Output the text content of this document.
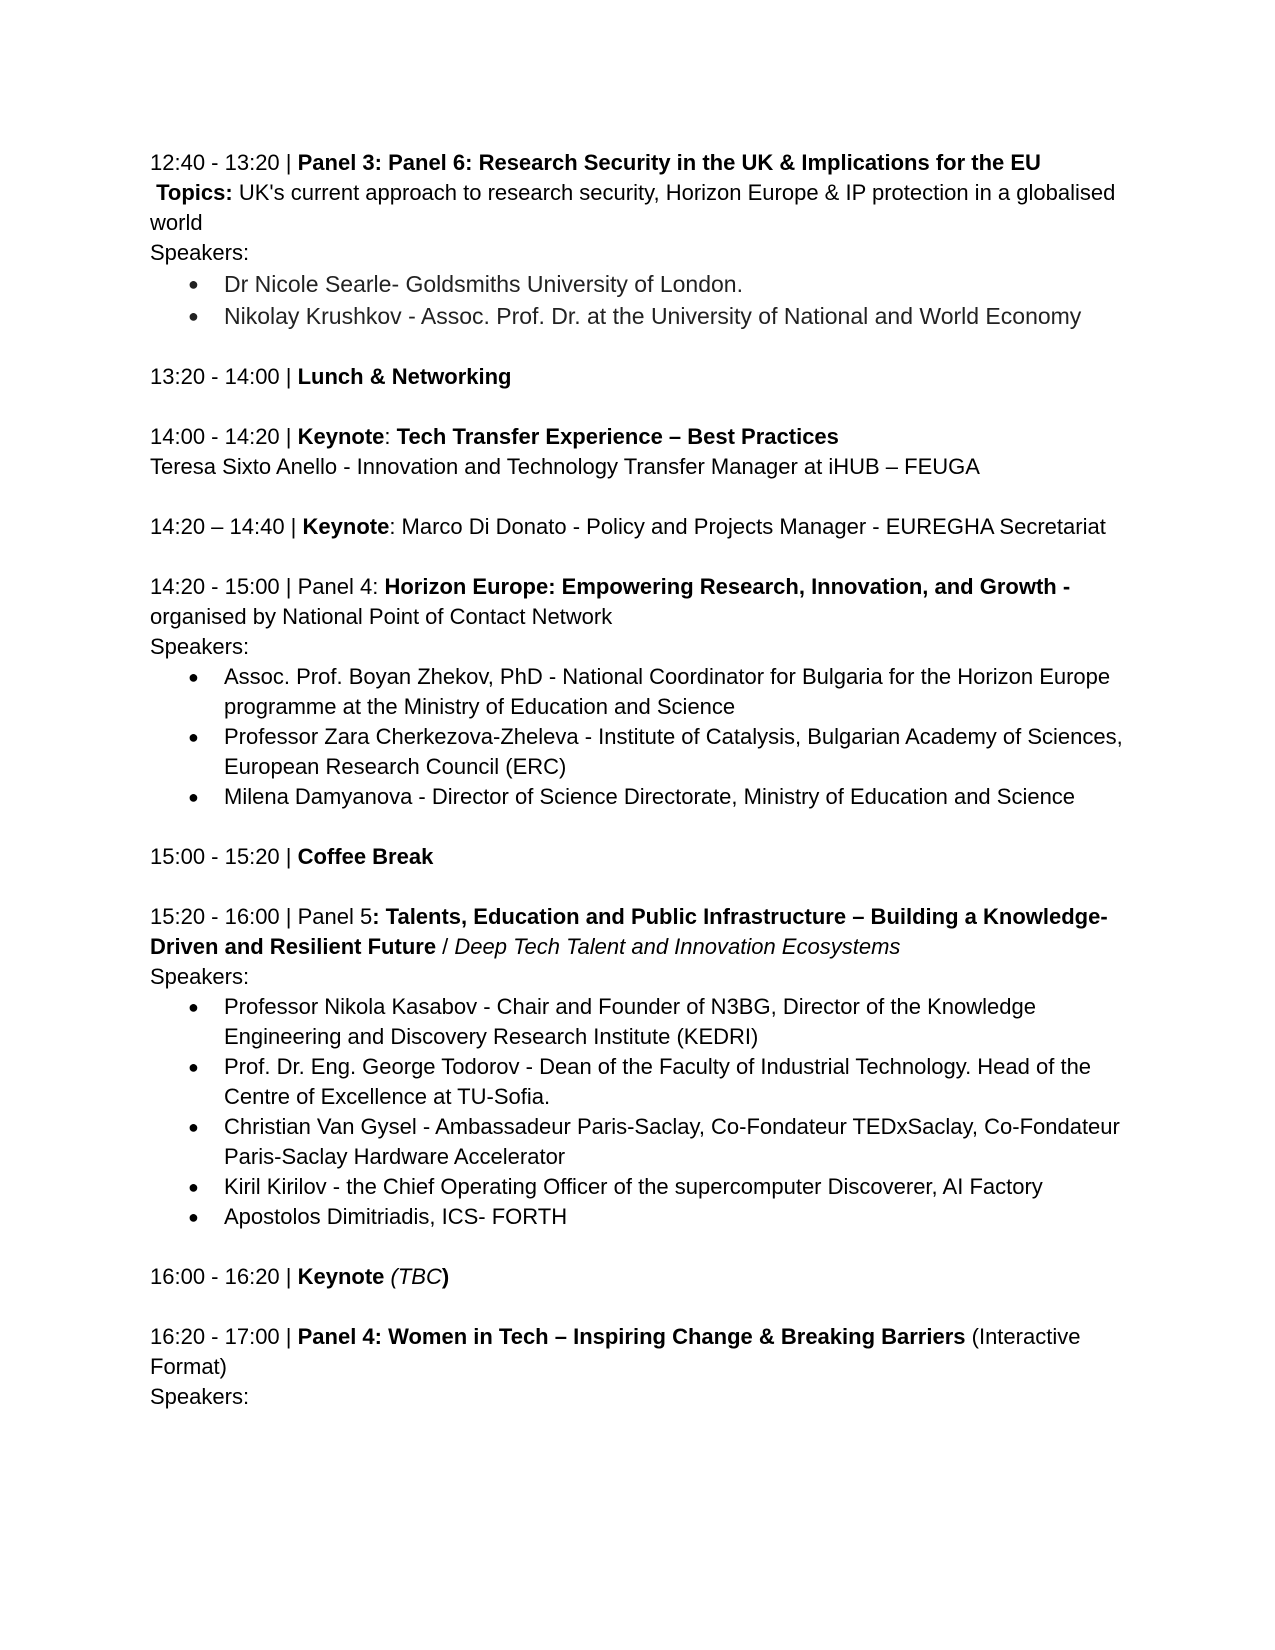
12:40 - 13:20 | Panel 3: Panel 6: Research Security in the UK & Implications for the EU

Topics: UK's current approach to research security, Horizon Europe & IP protection in a globalised world

Speakers:

● Dr Nicole Searle- Goldsmiths University of London.
● Nikolay Krushkov - Assoc. Prof. Dr. at the University of National and World Economy

13:20 - 14:00 | Lunch & Networking

14:00 - 14:20 | Keynote: Tech Transfer Experience – Best Practices

Teresa Sixto Anello - Innovation and Technology Transfer Manager at iHUB – FEUGA

14:20 – 14:40 | Keynote: Marco Di Donato - Policy and Projects Manager - EUREGHA Secretariat

14:20 - 15:00 | Panel 4: Horizon Europe: Empowering Research, Innovation, and Growth - organised by National Point of Contact Network

Speakers:

● Assoc. Prof. Boyan Zhekov, PhD - National Coordinator for Bulgaria for the Horizon Europe programme at the Ministry of Education and Science
● Professor Zara Cherkezova-Zheleva - Institute of Catalysis, Bulgarian Academy of Sciences, European Research Council (ERC)
● Milena Damyanova - Director of Science Directorate, Ministry of Education and Science

15:00 - 15:20 | Coffee Break

15:20 - 16:00 | Panel 5: Talents, Education and Public Infrastructure – Building a Knowledge-Driven and Resilient Future / Deep Tech Talent and Innovation Ecosystems

Speakers:

● Professor Nikola Kasabov - Chair and Founder of N3BG, Director of the Knowledge Engineering and Discovery Research Institute (KEDRI)
● Prof. Dr. Eng. George Todorov - Dean of the Faculty of Industrial Technology. Head of the Centre of Excellence at TU-Sofia.
● Christian Van Gysel - Ambassadeur Paris-Saclay, Co-Fondateur TEDxSaclay, Co-Fondateur Paris-Saclay Hardware Accelerator
● Kiril Kirilov - the Chief Operating Officer of the supercomputer Discoverer, AI Factory
● Apostolos Dimitriadis, ICS- FORTH

16:00 - 16:20 | Keynote (TBC)

16:20 - 17:00 | Panel 4: Women in Tech – Inspiring Change & Breaking Barriers (Interactive Format)

Speakers:
